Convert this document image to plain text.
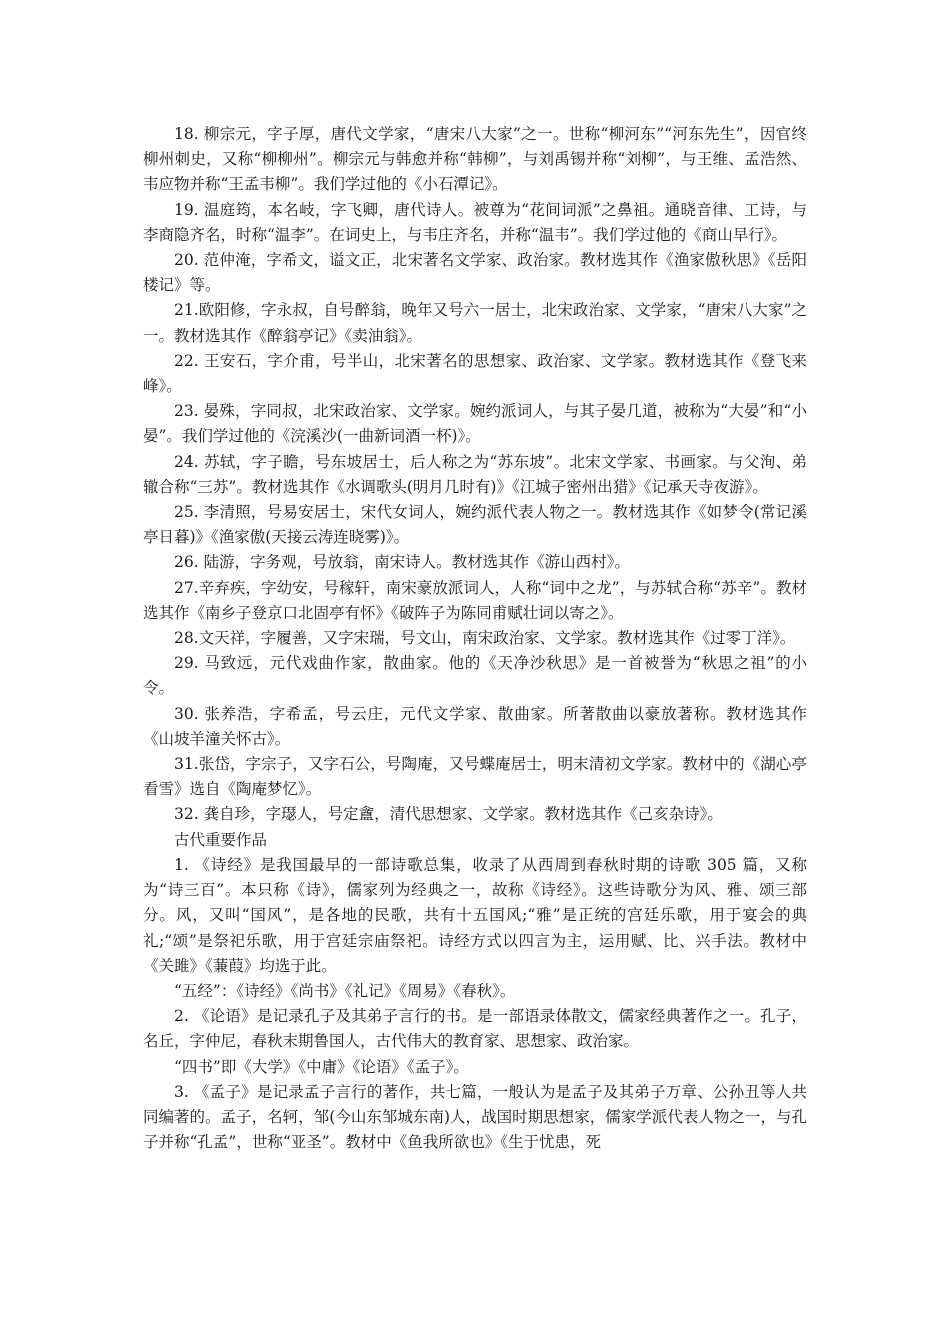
18. 柳宗元，字子厚，唐代文学家，“唐宋八大家”之一。世称“柳河东”“河东先生”，因官终柳州刺史，又称“柳柳州”。柳宗元与韩愈并称“韩柳”，与刘禹锡并称“刘柳”，与王维、孟浩然、韦应物并称“王孟韦柳”。我们学过他的《小石潭记》。

19. 温庭筠，本名岐，字飞卿，唐代诗人。被尊为“花间词派”之鼻祖。通晓音律、工诗，与李商隐齐名，时称“温李”。在词史上，与韦庄齐名，并称“温韦”。我们学过他的《商山早行》。

20. 范仲淹，字希文，谥文正，北宋著名文学家、政治家。教材选其作《渔家傲秋思》《岳阳楼记》等。

21.欧阳修，字永叔，自号醉翁，晚年又号六一居士，北宋政治家、文学家，“唐宋八大家”之一。教材选其作《醉翁亭记》《卖油翁》。

22. 王安石，字介甫，号半山，北宋著名的思想家、政治家、文学家。教材选其作《登飞来峰》。

23. 晏殊，字同叔，北宋政治家、文学家。婉约派词人，与其子晏几道，被称为“大晏”和“小晏”。我们学过他的《浣溪沙(一曲新词酒一杯)》。

24. 苏轼，字子瞻，号东坡居士，后人称之为“苏东坡”。北宋文学家、书画家。与父洵、弟辙合称“三苏”。教材选其作《水调歌头(明月几时有)》《江城子密州出猎》《记承天寺夜游》。

25. 李清照，号易安居士，宋代女词人，婉约派代表人物之一。教材选其作《如梦令(常记溪亭日暮)》《渔家傲(天接云涛连晓雾)》。

26. 陆游，字务观，号放翁，南宋诗人。教材选其作《游山西村》。

27.辛弃疾，字幼安，号稼轩，南宋豪放派词人，人称“词中之龙”，与苏轼合称“苏辛”。教材选其作《南乡子登京口北固亭有怀》《破阵子为陈同甫赋壮词以寄之》。

28.文天祥，字履善，又字宋瑞，号文山，南宋政治家、文学家。教材选其作《过零丁洋》。

29. 马致远，元代戏曲作家，散曲家。他的《天净沙秋思》是一首被誉为“秋思之祖”的小令。

30. 张养浩，字希孟，号云庄，元代文学家、散曲家。所著散曲以豪放著称。教材选其作《山坡羊潼关怀古》。

31.张岱，字宗子，又字石公，号陶庵，又号蝶庵居士，明末清初文学家。教材中的《湖心亭看雪》选自《陶庵梦忆》。

32. 龚自珍，字璱人，号定盦，清代思想家、文学家。教材选其作《己亥杂诗》。

古代重要作品

1. 《诗经》是我国最早的一部诗歌总集，收录了从西周到春秋时期的诗歌 305 篇，又称为“诗三百”。本只称《诗》，儒家列为经典之一，故称《诗经》。这些诗歌分为风、雅、颂三部分。风，又叫“国风”，是各地的民歌，共有十五国风;“雅”是正统的宫廷乐歌，用于宴会的典礼;“颂”是祭祀乐歌，用于宫廷宗庙祭祀。诗经方式以四言为主，运用赋、比、兴手法。教材中《关雎》《蒹葭》均选于此。

“五经”：《诗经》《尚书》《礼记》《周易》《春秋》。

2. 《论语》是记录孔子及其弟子言行的书。是一部语录体散文，儒家经典著作之一。孔子，名丘，字仲尼，春秋末期鲁国人，古代伟大的教育家、思想家、政治家。

“四书”即《大学》《中庸》《论语》《孟子》。

3. 《孟子》是记录孟子言行的著作，共七篇，一般认为是孟子及其弟子万章、公孙丑等人共同编著的。孟子，名轲，邹(今山东邹城东南)人，战国时期思想家，儒家学派代表人物之一，与孔子并称“孔孟”，世称“亚圣”。教材中《鱼我所欲也》《生于忧患，死
